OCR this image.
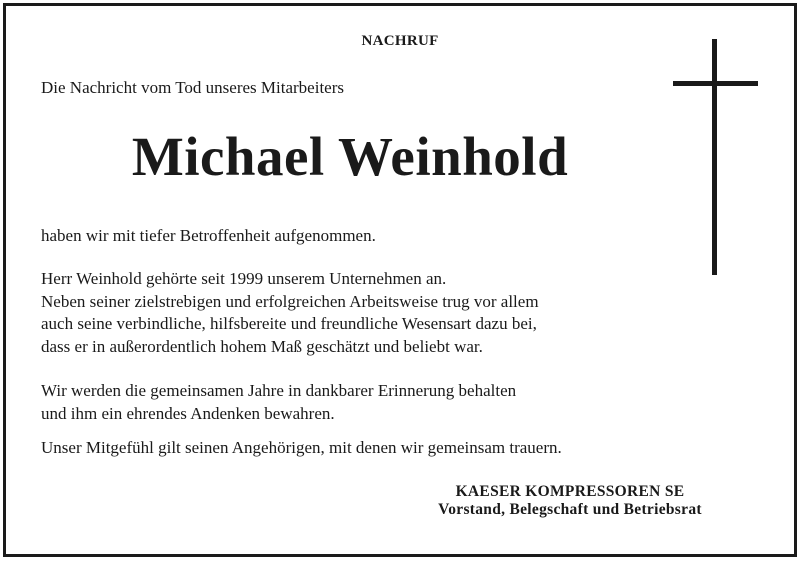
NACHRUF
Die Nachricht vom Tod unseres Mitarbeiters
Michael Weinhold
haben wir mit tiefer Betroffenheit aufgenommen.
Herr Weinhold gehörte seit 1999 unserem Unternehmen an.
Neben seiner zielstrebigen und erfolgreichen Arbeitsweise trug vor allem
auch seine verbindliche, hilfsbereite und freundliche Wesensart dazu bei,
dass er in außerordentlich hohem Maß geschätzt und beliebt war.
Wir werden die gemeinsamen Jahre in dankbarer Erinnerung behalten
und ihm ein ehrendes Andenken bewahren.
Unser Mitgefühl gilt seinen Angehörigen, mit denen wir gemeinsam trauern.
KAESER KOMPRESSOREN SE
Vorstand, Belegschaft und Betriebsrat
